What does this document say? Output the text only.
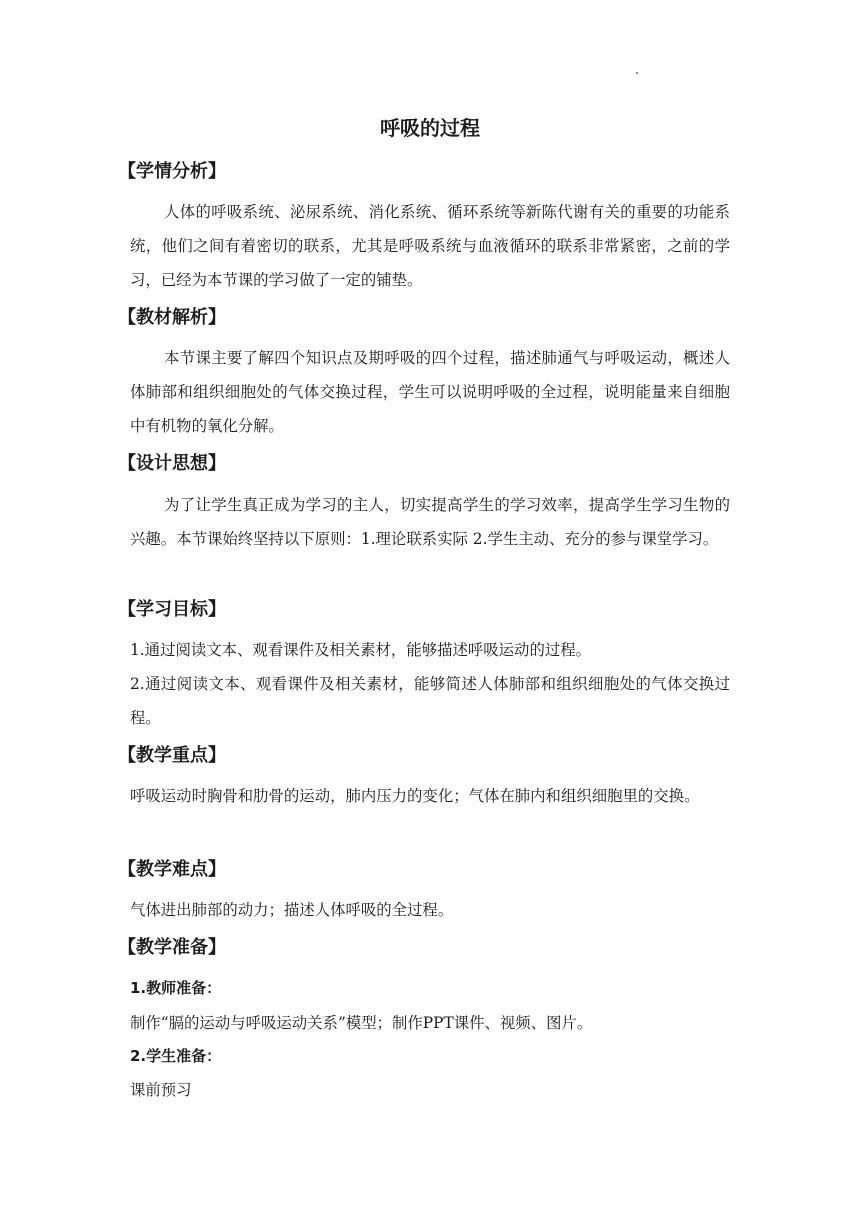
呼吸的过程
【学情分析】
人体的呼吸系统、泌尿系统、消化系统、循环系统等新陈代谢有关的重要的功能系统，他们之间有着密切的联系，尤其是呼吸系统与血液循环的联系非常紧密，之前的学习，已经为本节课的学习做了一定的铺垫。
【教材解析】
本节课主要了解四个知识点及期呼吸的四个过程，描述肺通气与呼吸运动，概述人体肺部和组织细胞处的气体交换过程，学生可以说明呼吸的全过程，说明能量来自细胞中有机物的氧化分解。
【设计思想】
为了让学生真正成为学习的主人，切实提高学生的学习效率，提高学生学习生物的兴趣。本节课始终坚持以下原则：1.理论联系实际 2.学生主动、充分的参与课堂学习。
【学习目标】
1.通过阅读文本、观看课件及相关素材，能够描述呼吸运动的过程。
2.通过阅读文本、观看课件及相关素材，能够简述人体肺部和组织细胞处的气体交换过程。
【教学重点】
呼吸运动时胸骨和肋骨的运动，肺内压力的变化；气体在肺内和组织细胞里的交换。
【教学难点】
气体进出肺部的动力；描述人体呼吸的全过程。
【教学准备】
1.教师准备：
制作“膈的运动与呼吸运动关系”模型；制作PPT课件、视频、图片。
2.学生准备：
课前预习
